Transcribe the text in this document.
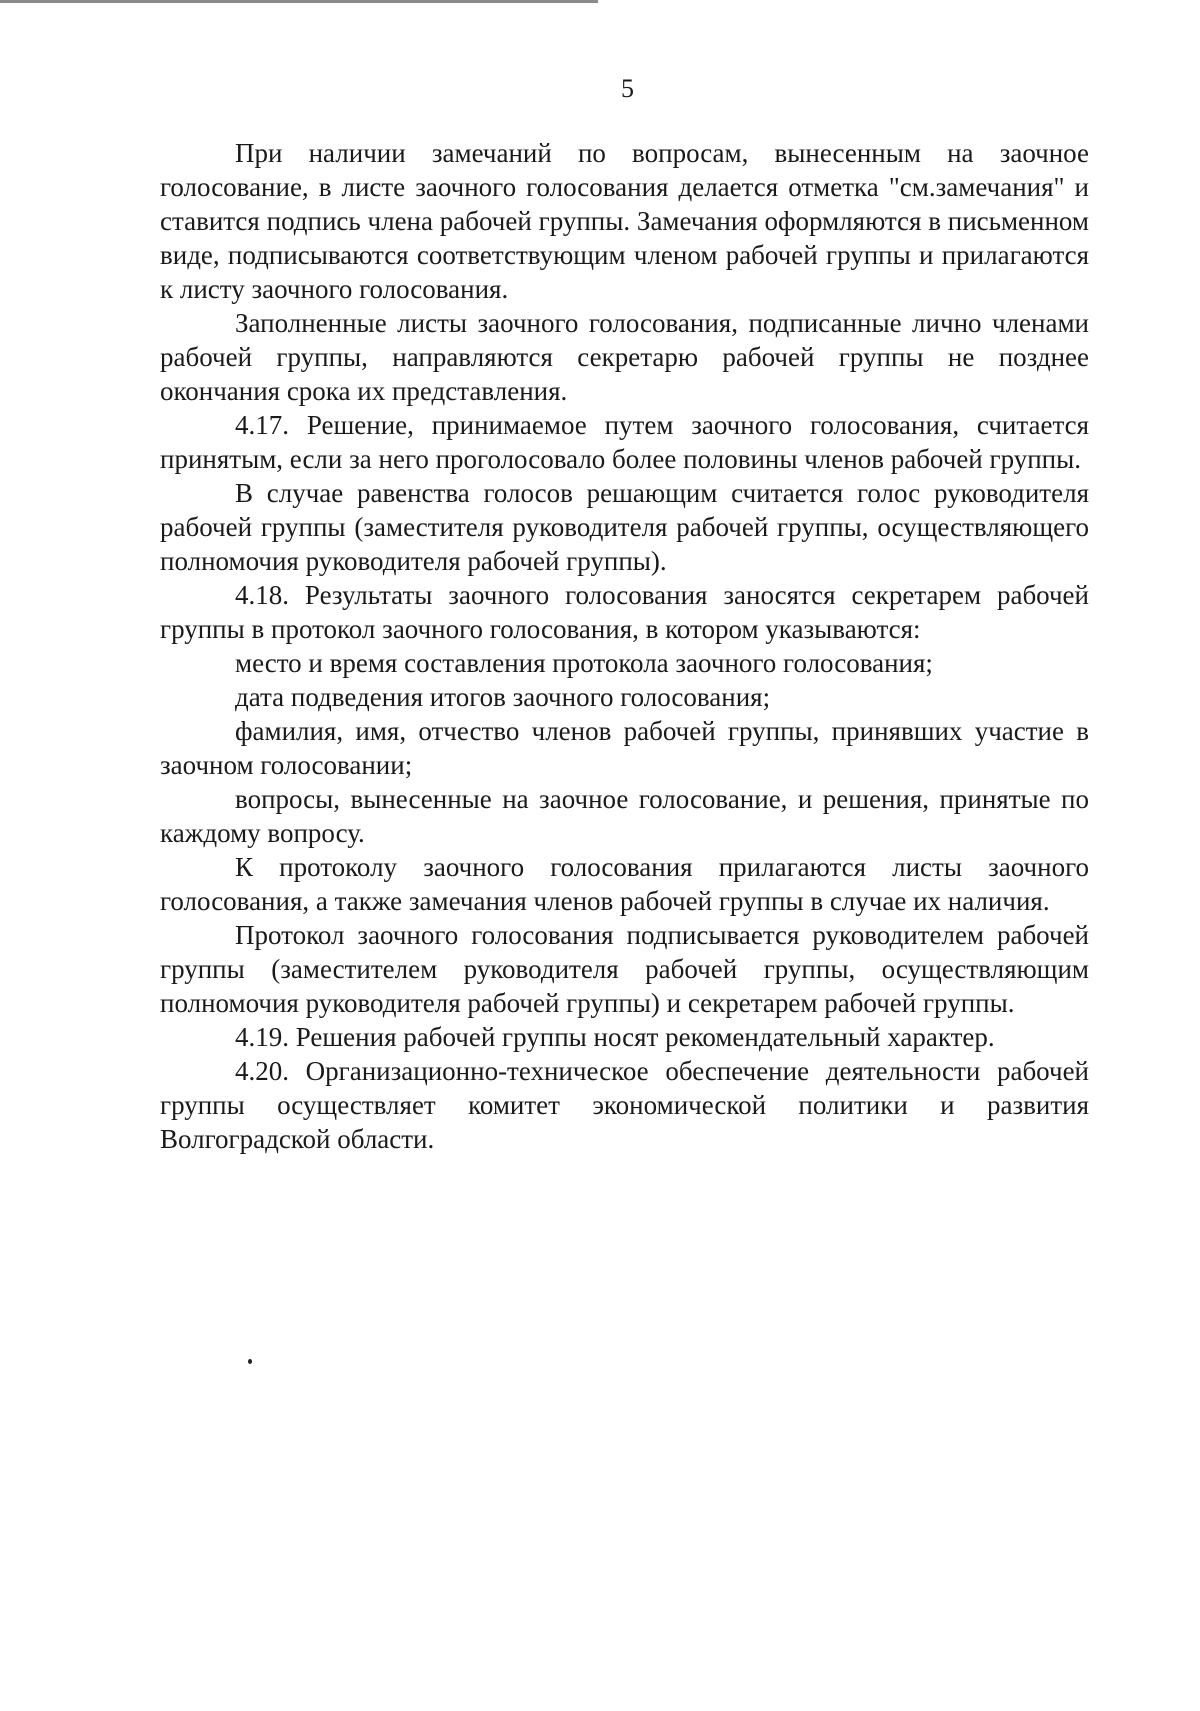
5

При наличии замечаний по вопросам, вынесенным на заочное голосование, в листе заочного голосования делается отметка "см.замечания" и ставится подпись члена рабочей группы. Замечания оформляются в письменном виде, подписываются соответствующим членом рабочей группы и прилагаются к листу заочного голосования.

Заполненные листы заочного голосования, подписанные лично членами рабочей группы, направляются секретарю рабочей группы не позднее окончания срока их представления.

4.17. Решение, принимаемое путем заочного голосования, считается принятым, если за него проголосовало более половины членов рабочей группы.

В случае равенства голосов решающим считается голос руководителя рабочей группы (заместителя руководителя рабочей группы, осуществляющего полномочия руководителя рабочей группы).

4.18. Результаты заочного голосования заносятся секретарем рабочей группы в протокол заочного голосования, в котором указываются:

место и время составления протокола заочного голосования;

дата подведения итогов заочного голосования;

фамилия, имя, отчество членов рабочей группы, принявших участие в заочном голосовании;

вопросы, вынесенные на заочное голосование, и решения, принятые по каждому вопросу.

К протоколу заочного голосования прилагаются листы заочного голосования, а также замечания членов рабочей группы в случае их наличия.

Протокол заочного голосования подписывается руководителем рабочей группы (заместителем руководителя рабочей группы, осуществляющим полномочия руководителя рабочей группы) и секретарем рабочей группы.

4.19. Решения рабочей группы носят рекомендательный характер.

4.20. Организационно-техническое обеспечение деятельности рабочей группы осуществляет комитет экономической политики и развития Волгоградской области.
